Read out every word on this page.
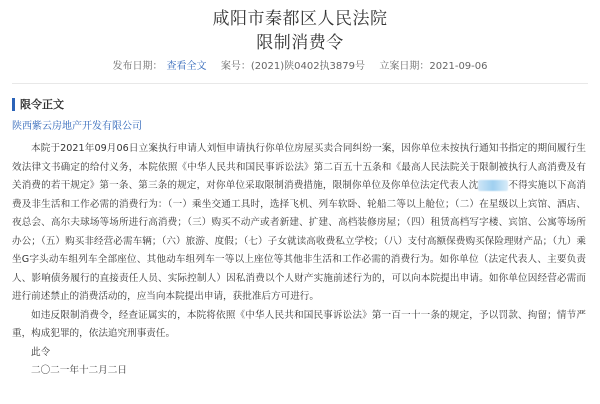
咸阳市秦都区人民法院
限制消费令
发布日期： 查看全文 案号：(2021)陕0402执3879号 立案日期：2021-09-06
限令正文
陕西紫云房地产开发有限公司

本院于2021年09月06日立案执行申请人刘恒申请执行你单位房屋买卖合同纠纷一案，因你单位未按执行通知书指定的期间履行生效法律文书确定的给付义务，本院依照《中华人民共和国民事诉讼法》第二百五十五条和《最高人民法院关于限制被执行人高消费及有关消费的若干规定》第一条、第三条的规定，对你单位采取限制消费措施，限制你单位及你单位法定代表人沈	不得实施以下高消费及非生活和工作必需的消费行为：（一）乘坐交通工具时，选择飞机、列车软卧、轮船二等以上舱位；（二）在星级以上宾馆、酒店、夜总会、高尔夫球场等场所进行高消费；（三）购买不动产或者新建、扩建、高档装修房屋；（四）租赁高档写字楼、宾馆、公寓等场所办公；（五）购买非经营必需车辆；（六）旅游、度假；（七）子女就读高收费私立学校；（八）支付高额保费购买保险理财产品；（九）乘坐G字头动车组列车全部座位、其他动车组列车一等以上座位等其他非生活和工作必需的消费行为。如你单位（法定代表人、主要负责人、影响债务履行的直接责任人员、实际控制人）因私消费以个人财产实施前述行为的，可以向本院提出申请。如你单位因经营必需而进行前述禁止的消费活动的，应当向本院提出申请，获批准后方可进行。

如违反限制消费令，经查证属实的，本院将依照《中华人民共和国民事诉讼法》第一百一十一条的规定，予以罚款、拘留；情节严重，构成犯罪的，依法追究刑事责任。

此令

二〇二一年十二月二日
